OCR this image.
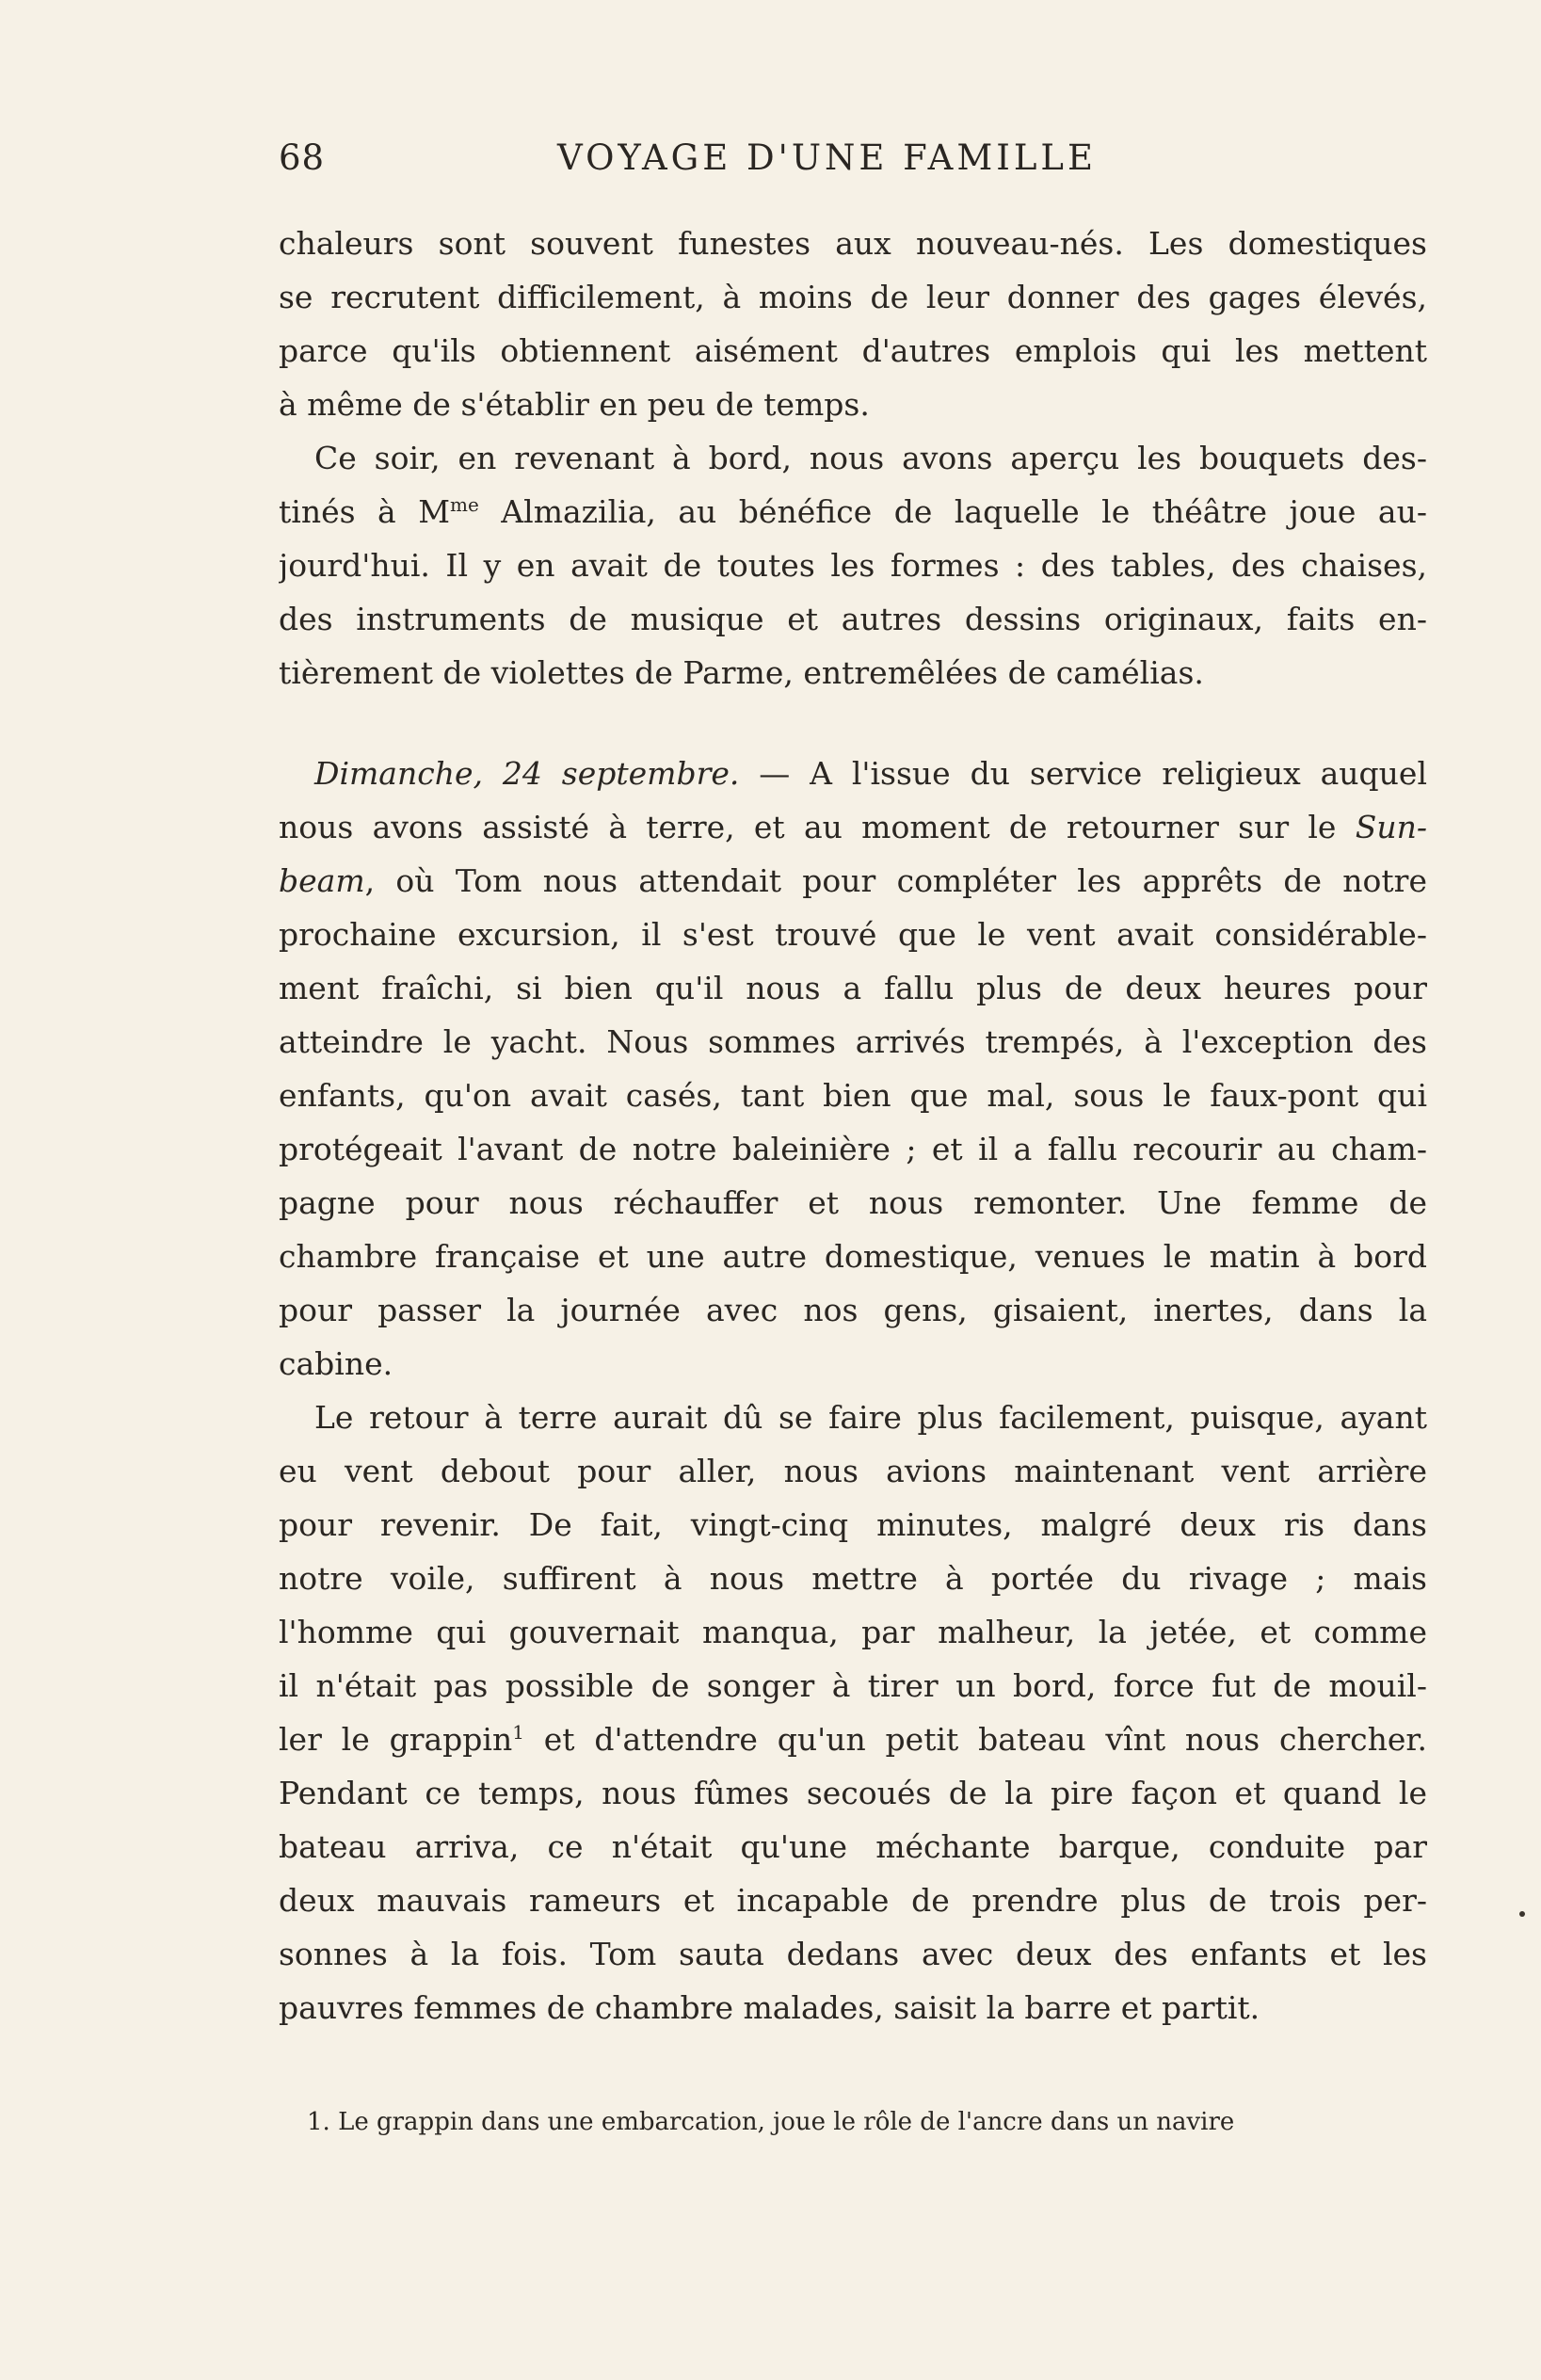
68	VOYAGE D'UNE FAMILLE
chaleurs sont souvent funestes aux nouveau-nés. Les domestiques
se recrutent difficilement, à moins de leur donner des gages élevés,
parce qu'ils obtiennent aisément d'autres emplois qui les mettent
à même de s'établir en peu de temps.
Ce soir, en revenant à bord, nous avons aperçu les bouquets des-
tinés à $M^{me}$ Almazilia, au bénéfice de laquelle le théâtre joue au-
jourd'hui. Il y en avait de toutes les formes : des tables, des chaises,
des instruments de musique et autres dessins originaux, faits en-
tièrement de violettes de Parme, entremêlées de camélias.
Dimanche, 24 septembre. — A l'issue du service religieux auquel
nous avons assisté à terre, et au moment de retourner sur le Sun-
beam, où Tom nous attendait pour compléter les apprêts de notre
prochaine excursion, il s'est trouvé que le vent avait considérable-
ment fraîchi, si bien qu'il nous a fallu plus de deux heures pour
atteindre le yacht. Nous sommes arrivés trempés, à l'exception des
enfants, qu'on avait casés, tant bien que mal, sous le faux-pont qui
protégeait l'avant de notre baleinière ; et il a fallu recourir au cham-
pagne pour nous réchauffer et nous remonter. Une femme de
chambre française et une autre domestique, venues le matin à bord
pour passer la journée avec nos gens, gisaient, inertes, dans la
cabine.
Le retour à terre aurait dû se faire plus facilement, puisque, ayant
eu vent debout pour aller, nous avions maintenant vent arrière
pour revenir. De fait, vingt-cinq minutes, malgré deux ris dans
notre voile, suffirent à nous mettre à portée du rivage ; mais
l'homme qui gouvernait manqua, par malheur, la jetée, et comme
il n'était pas possible de songer à tirer un bord, force fut de mouil-
ler le grappin$^1$ et d'attendre qu'un petit bateau vînt nous chercher.
Pendant ce temps, nous fûmes secoués de la pire façon et quand le
bateau arriva, ce n'était qu'une méchante barque, conduite par
deux mauvais rameurs et incapable de prendre plus de trois per-
sonnes à la fois. Tom sauta dedans avec deux des enfants et les
pauvres femmes de chambre malades, saisit la barre et partit.
1. Le grappin dans une embarcation, joue le rôle de l'ancre dans un navire
